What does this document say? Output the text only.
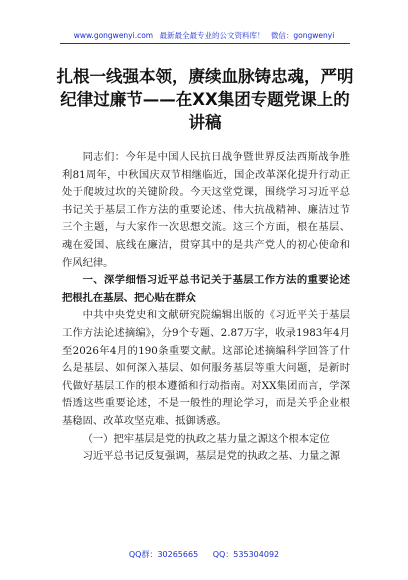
www.gongwenyi.com 最新最全最专业的公文资料库！ 微信：gongwenyi
扎根一线强本领，赓续血脉铸忠魂，严明纪律过廉节——在XX集团专题党课上的讲稿

同志们：今年是中国人民抗日战争暨世界反法西斯战争胜利81周年，中秋国庆双节相继临近，国企改革深化提升行动正处于爬坡过坎的关键阶段。今天这堂党课，围绕学习习近平总书记关于基层工作方法的重要论述、伟大抗战精神、廉洁过节三个主题，与大家作一次思想交流。这三个方面，根在基层、魂在爱国、底线在廉洁，贯穿其中的是共产党人的初心使命和作风纪律。

一、深学细悟习近平总书记关于基层工作方法的重要论述 把根扎在基层、把心贴在群众

中共中央党史和文献研究院编辑出版的《习近平关于基层工作方法论述摘编》，分9个专题、2.87万字，收录1983年4月至2026年4月的190条重要文献。这部论述摘编科学回答了什么是基层、如何深入基层、如何服务基层等重大问题，是新时代做好基层工作的根本遵循和行动指南。对XX集团而言，学深悟透这些重要论述，不是一般性的理论学习，而是关乎企业根基稳固、改革攻坚克难、抵御诱惑。

（一）把牢基层是党的执政之基力量之源这个根本定位

习近平总书记反复强调，基层是党的执政之基、力量之源

QQ群：30265665 QQ：535304092
